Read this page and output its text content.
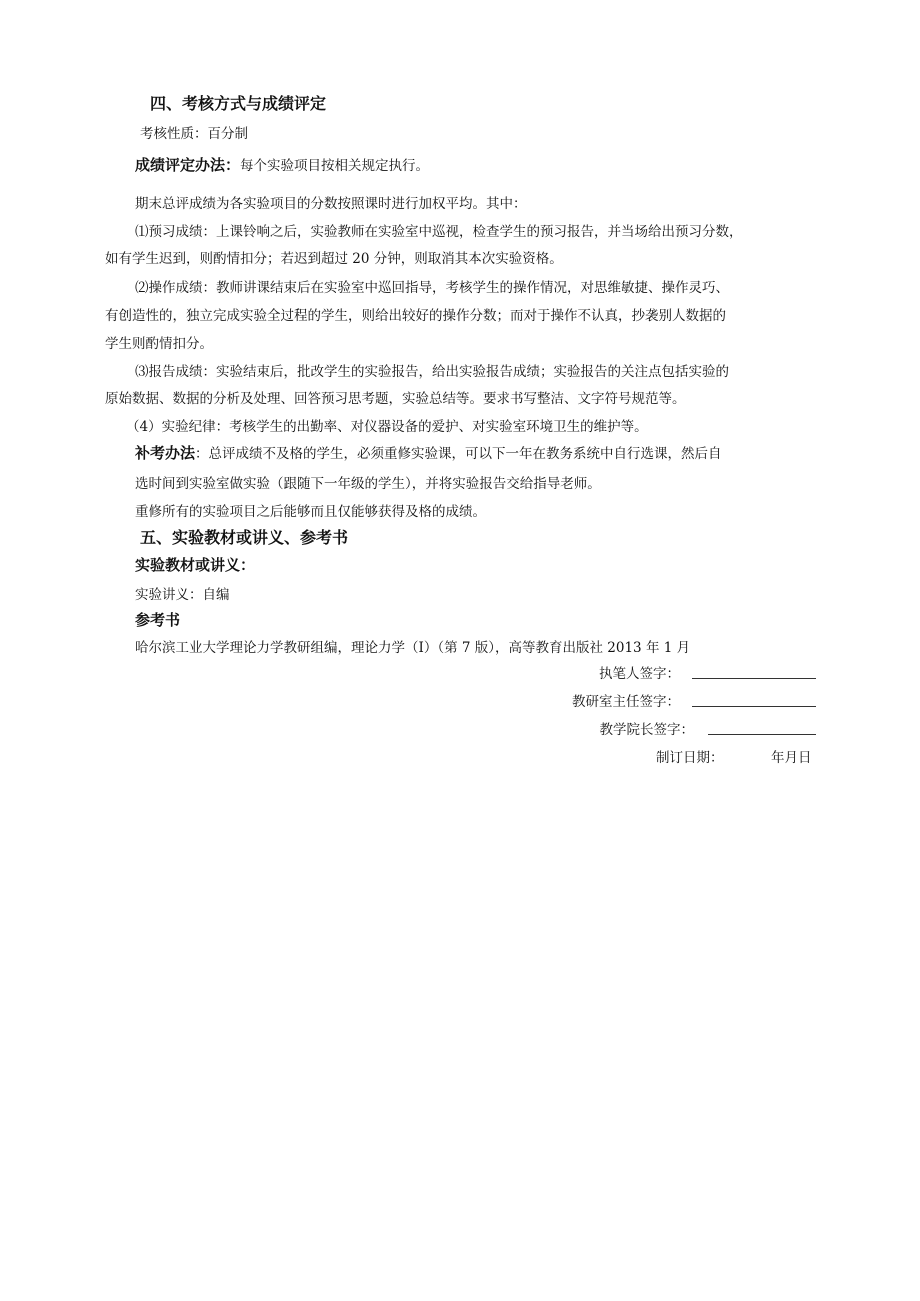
四、考核方式与成绩评定
考核性质：百分制
成绩评定办法：每个实验项目按相关规定执行。
期末总评成绩为各实验项目的分数按照课时进行加权平均。其中：
⑴预习成绩：上课铃响之后，实验教师在实验室中巡视，检查学生的预习报告，并当场给出预习分数，
如有学生迟到，则酌情扣分；若迟到超过 20 分钟，则取消其本次实验资格。
⑵操作成绩：教师讲课结束后在实验室中巡回指导，考核学生的操作情况，对思维敏捷、操作灵巧、
有创造性的，独立完成实验全过程的学生，则给出较好的操作分数；而对于操作不认真，抄袭别人数据的
学生则酌情扣分。
⑶报告成绩：实验结束后，批改学生的实验报告，给出实验报告成绩；实验报告的关注点包括实验的
原始数据、数据的分析及处理、回答预习思考题，实验总结等。要求书写整洁、文字符号规范等。
（4）实验纪律：考核学生的出勤率、对仪器设备的爱护、对实验室环境卫生的维护等。
补考办法：总评成绩不及格的学生，必须重修实验课，可以下一年在教务系统中自行选课，然后自
选时间到实验室做实验（跟随下一年级的学生），并将实验报告交给指导老师。
重修所有的实验项目之后能够而且仅能够获得及格的成绩。
五、实验教材或讲义、参考书
实验教材或讲义：
实验讲义：自编
参考书
哈尔滨工业大学理论力学教研组编，理论力学（I）（第 7 版），高等教育出版社 2013 年 1 月
执笔人签字：
教研室主任签字：
教学院长签字：
制订日期：	年月日
